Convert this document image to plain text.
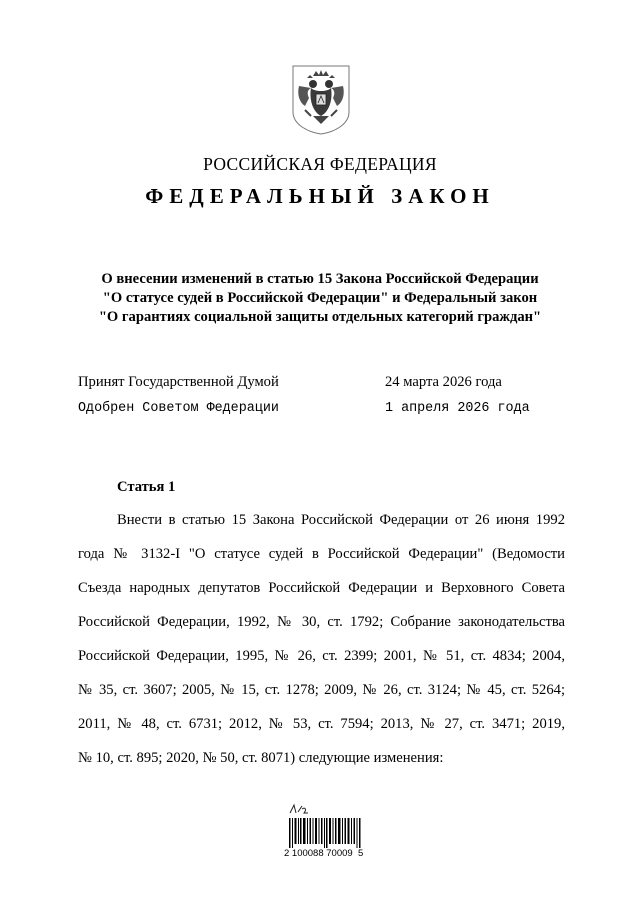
РОССИЙСКАЯ ФЕДЕРАЦИЯ
ФЕДЕРАЛЬНЫЙ ЗАКОН
О внесении изменений в статью 15 Закона Российской Федерации
"О статусе судей в Российской Федерации" и Федеральный закон
"О гарантиях социальной защиты отдельных категорий граждан"
Принят Государственной Думой	24 марта 2026 года
Одобрен Советом Федерации	1 апреля 2026 года
Статья 1
Внести в статью 15 Закона Российской Федерации от 26 июня 1992
года № 3132-I "О статусе судей в Российской Федерации" (Ведомости
Съезда народных депутатов Российской Федерации и Верховного Совета
Российской Федерации, 1992, № 30, ст. 1792; Собрание законодательства
Российской Федерации, 1995, № 26, ст. 2399; 2001, № 51, ст. 4834; 2004,
№ 35, ст. 3607; 2005, № 15, ст. 1278; 2009, № 26, ст. 3124; № 45, ст. 5264;
2011, № 48, ст. 6731; 2012, № 53, ст. 7594; 2013, № 27, ст. 3471; 2019,
№ 10, ст. 895; 2020, № 50, ст. 8071) следующие изменения:
2 100088 70009  5
